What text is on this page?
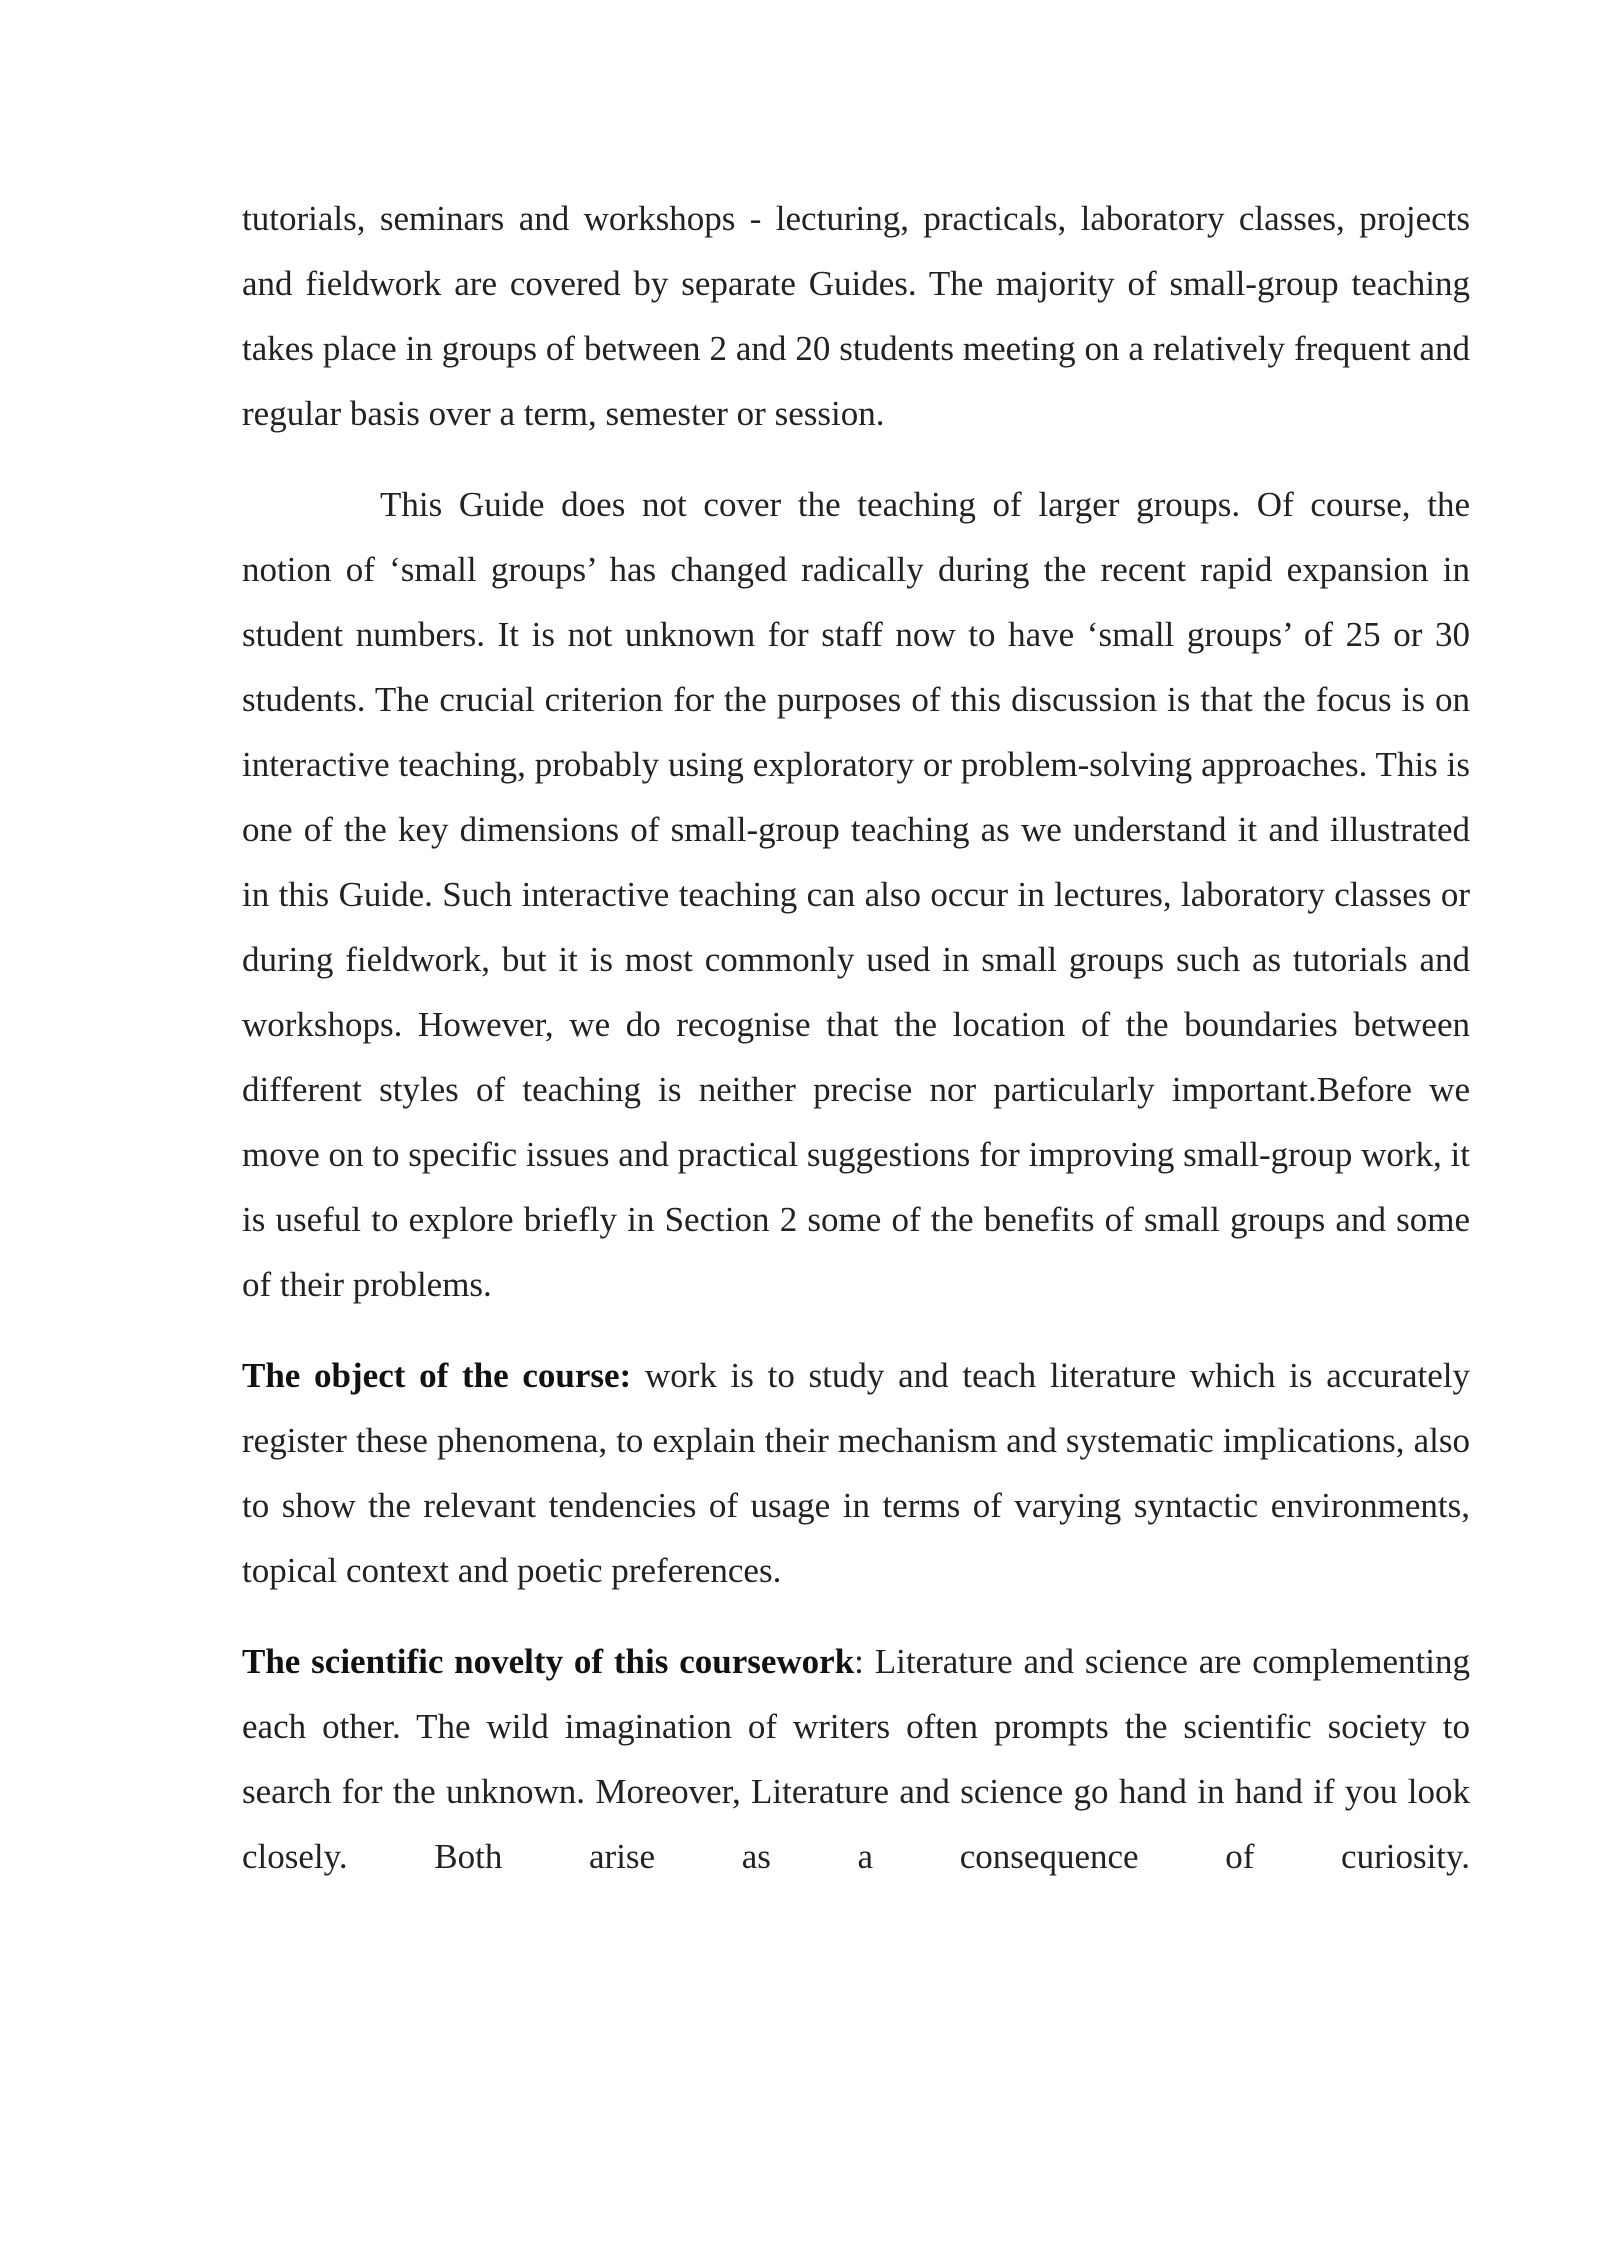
tutorials, seminars and workshops - lecturing, practicals, laboratory classes, projects and fieldwork are covered by separate Guides. The majority of small-group teaching takes place in groups of between 2 and 20 students meeting on a relatively frequent and regular basis over a term, semester or session.

This Guide does not cover the teaching of larger groups. Of course, the notion of ‘small groups’ has changed radically during the recent rapid expansion in student numbers. It is not unknown for staff now to have ‘small groups’ of 25 or 30 students. The crucial criterion for the purposes of this discussion is that the focus is on interactive teaching, probably using exploratory or problem-solving approaches. This is one of the key dimensions of small-group teaching as we understand it and illustrated in this Guide. Such interactive teaching can also occur in lectures, laboratory classes or during fieldwork, but it is most commonly used in small groups such as tutorials and workshops. However, we do recognise that the location of the boundaries between different styles of teaching is neither precise nor particularly important.Before we move on to specific issues and practical suggestions for improving small-group work, it is useful to explore briefly in Section 2 some of the benefits of small groups and some of their problems.

The object of the course: work is to study and teach literature which is accurately register these phenomena, to explain their mechanism and systematic implications, also to show the relevant tendencies of usage in terms of varying syntactic environments, topical context and poetic preferences.

The scientific novelty of this coursework: Literature and science are complementing each other. The wild imagination of writers often prompts the scientific society to search for the unknown. Moreover, Literature and science go hand in hand if you look closely. Both arise as a consequence of curiosity.
